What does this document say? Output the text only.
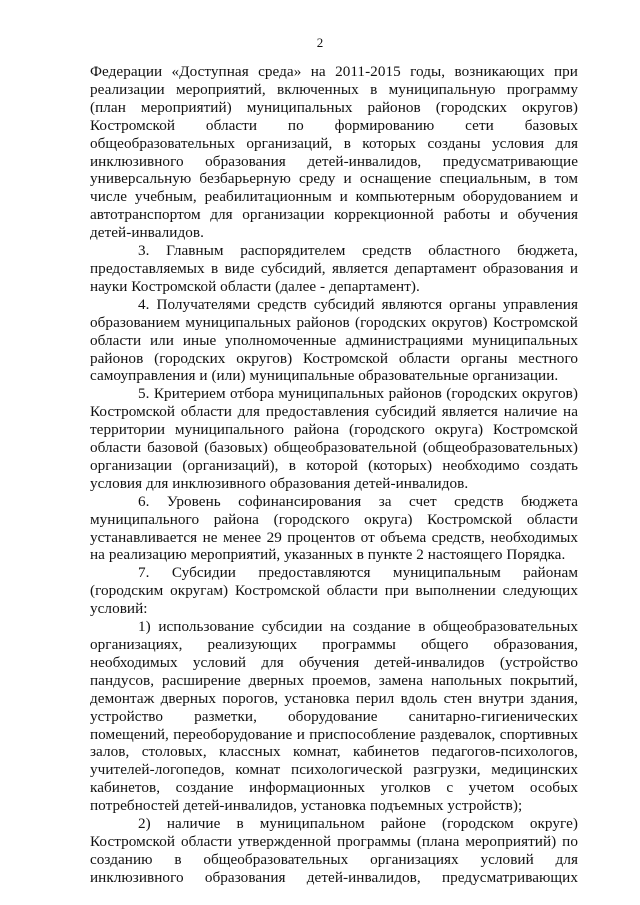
2

Федерации «Доступная среда» на 2011-2015 годы, возникающих при реализации мероприятий, включенных в муниципальную программу (план мероприятий) муниципальных районов (городских округов) Костромской области по формированию сети базовых общеобразовательных организаций, в которых созданы условия для инклюзивного образования детей-инвалидов, предусматривающие универсальную безбарьерную среду и оснащение специальным, в том числе учебным, реабилитационным и компьютерным оборудованием и автотранспортом для организации коррекционной работы и обучения детей-инвалидов.

3. Главным распорядителем средств областного бюджета, предоставляемых в виде субсидий, является департамент образования и науки Костромской области (далее - департамент).

4. Получателями средств субсидий являются органы управления образованием муниципальных районов (городских округов) Костромской области или иные уполномоченные администрациями муниципальных районов (городских округов) Костромской области органы местного самоуправления и (или) муниципальные образовательные организации.

5. Критерием отбора муниципальных районов (городских округов) Костромской области для предоставления субсидий является наличие на территории муниципального района (городского округа) Костромской области базовой (базовых) общеобразовательной (общеобразовательных) организации (организаций), в которой (которых) необходимо создать условия для инклюзивного образования детей-инвалидов.

6. Уровень софинансирования за счет средств бюджета муниципального района (городского округа) Костромской области устанавливается не менее 29 процентов от объема средств, необходимых на реализацию мероприятий, указанных в пункте 2 настоящего Порядка.

7. Субсидии предоставляются муниципальным районам (городским округам) Костромской области при выполнении следующих условий:

1) использование субсидии на создание в общеобразовательных организациях, реализующих программы общего образования, необходимых условий для обучения детей-инвалидов (устройство пандусов, расширение дверных проемов, замена напольных покрытий, демонтаж дверных порогов, установка перил вдоль стен внутри здания, устройство разметки, оборудование санитарно-гигиенических помещений, переоборудование и приспособление раздевалок, спортивных залов, столовых, классных комнат, кабинетов педагогов-психологов, учителей-логопедов, комнат психологической разгрузки, медицинских кабинетов, создание информационных уголков с учетом особых потребностей детей-инвалидов, установка подъемных устройств);

2) наличие в муниципальном районе (городском округе) Костромской области утвержденной программы (плана мероприятий) по созданию в общеобразовательных организациях условий для инклюзивного образования детей-инвалидов, предусматривающих
